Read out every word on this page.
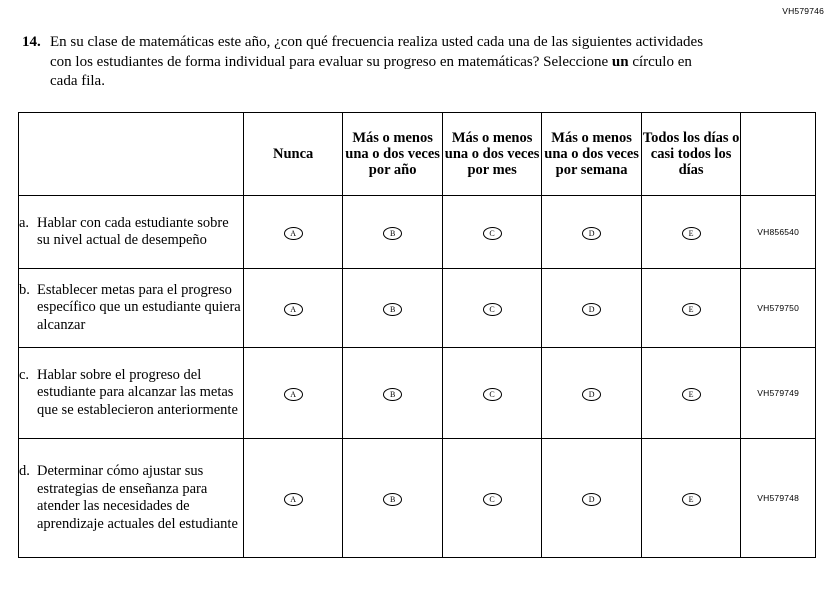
VH579746
14. En su clase de matemáticas este año, ¿con qué frecuencia realiza usted cada una de las siguientes actividades con los estudiantes de forma individual para evaluar su progreso en matemáticas? Seleccione un círculo en cada fila.
	Nunca	Más o menos una o dos veces por año	Más o menos una o dos veces por mes	Más o menos una o dos veces por semana	Todos los días o casi todos los días	

a. Hablar con cada estudiante sobre su nivel actual de desempeño	A	B	C	D	E	VH856540

b. Establecer metas para el progreso específico que un estudiante quiera alcanzar	A	B	C	D	E	VH579750

c. Hablar sobre el progreso del estudiante para alcanzar las metas que se establecieron anteriormente	A	B	C	D	E	VH579749

d. Determinar cómo ajustar sus estrategias de enseñanza para atender las necesidades de aprendizaje actuales del estudiante	A	B	C	D	E	VH579748
